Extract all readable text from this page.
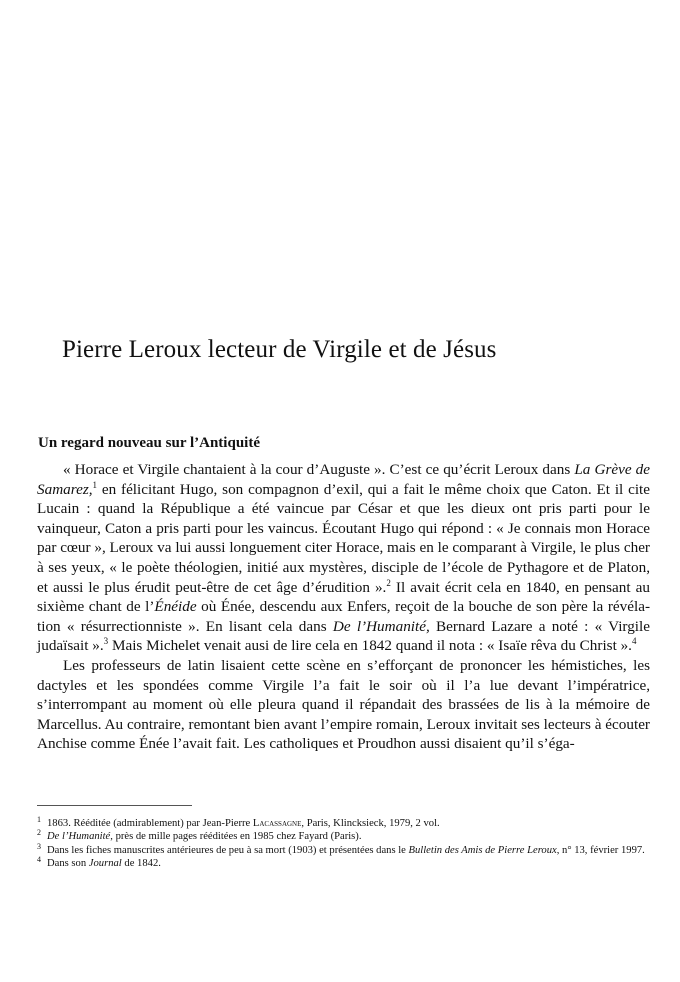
Pierre Leroux lecteur de Virgile et de Jésus
Un regard nouveau sur l’Antiquité

« Horace et Virgile chantaient à la cour d’Auguste ». C’est ce qu’écrit Leroux dans La Grève de Samarez,$^1$ en félicitant Hugo, son compagnon d’exil, qui a fait le même choix que Caton. Et il cite Lucain : quand la République a été vaincue par César et que les dieux ont pris parti pour le vainqueur, Caton a pris parti pour les vaincus. Écoutant Hugo qui répond : « Je connais mon Horace par cœur », Leroux va lui aussi longuement citer Horace, mais en le comparant à Virgile, le plus cher à ses yeux, « le poète théologien, initié aux mystères, disciple de l’école de Pythagore et de Platon, et aussi le plus érudit peut-être de cet âge d’érudition ».$^2$ Il avait écrit cela en 1840, en pensant au sixième chant de l’Énéide où Énée, descendu aux Enfers, reçoit de la bouche de son père la révélation « résurrectionniste ». En lisant cela dans De l’Humanité, Bernard Lazare a noté : « Virgile judaïsait ».$^3$ Mais Michelet venait ausi de lire cela en 1842 quand il nota : « Isaïe rêva du Christ ».$^4$

Les professeurs de latin lisaient cette scène en s’efforçant de prononcer les hémistiches, les dactyles et les spondées comme Virgile l’a fait le soir où il l’a lue devant l’impératrice, s’interrompant au moment où elle pleura quand il répandait des brassées de lis à la mémoire de Marcellus. Au contraire, remontant bien avant l’empire romain, Leroux invitait ses lecteurs à écouter Anchise comme Énée l’avait fait. Les catholiques et Proudhon aussi disaient qu’il s’éga-

$^1$ 1863. Rééditée (admirablement) par Jean-Pierre Lacassagne, Paris, Klincksieck, 1979, 2 vol.

$^2$ De l’Humanité, près de mille pages rééditées en 1985 chez Fayard (Paris).

$^3$ Dans les fiches manuscrites antérieures de peu à sa mort (1903) et présentées dans le Bulletin des Amis de Pierre Leroux, n° 13, février 1997.

$^4$ Dans son Journal de 1842.
